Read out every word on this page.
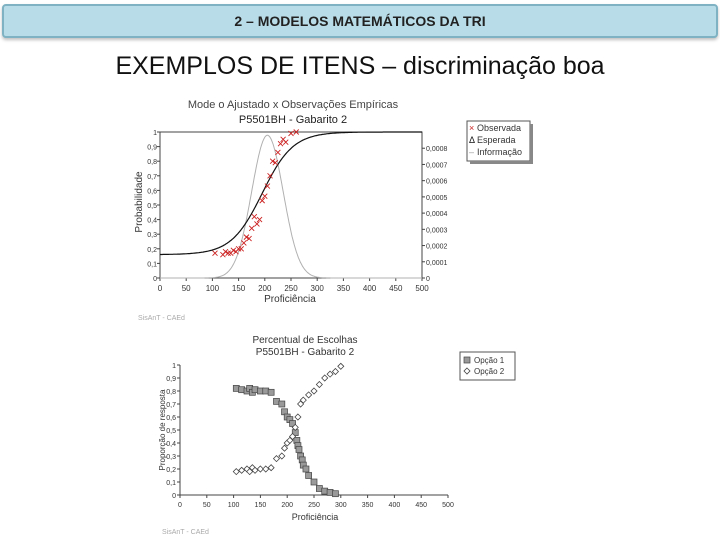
2 – MODELOS MATEMÁTICOS DA TRI
EXEMPLOS DE ITENS – discriminação boa
0 50 100 150 200 250 300 350 400 450 500
0
0,1
0,2
0,3
0,4
0,5
0,6
0,7
0,8
0,9
1
0
0,0001
0,0002
0,0003
0,0004
0,0005
0,0006
0,0007
0,0008
Mode o Ajustado x Observações Empíricas
P5501BH - Gabarito 2
Proficiência
Probabilidade
× Observada
Δ Esperada
– Informação
SisAnT - CAEd
0	50 100 150 200 250 300 350 400 450 500
0
0,1
0,2
0,3
0,4
0,5
0,6
0,7
0,8
0,9
1
Percentual de Escolhas
P5501BH - Gabarito 2
Proficiência
Proporção de resposta
Opção 1
Opção 2
SisAnT - CAEd
